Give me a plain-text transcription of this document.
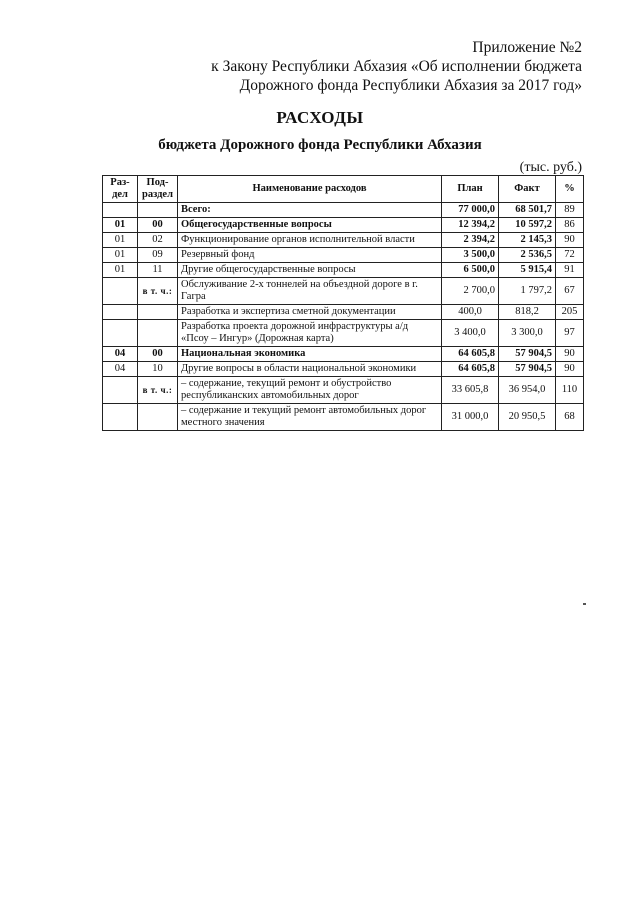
Приложение №2
к Закону Республики Абхазия «Об исполнении бюджета
Дорожного фонда Республики Абхазия за 2017 год»
РАСХОДЫ
бюджета Дорожного фонда Республики Абхазия
(тыс. руб.)
Раз- дел	Под- раздел	Наименование расходов	План	Факт	%
		Всего:	77 000,0	68 501,7	89
01	00	Общегосударственные вопросы	12 394,2	10 597,2	86
01	02	Функционирование органов исполнительной власти	2 394,2	2 145,3	90
01	09	Резервный фонд	3 500,0	2 536,5	72
01	11	Другие общегосударственные вопросы	6 500,0	5 915,4	91
	в т. ч.:	Обслуживание 2-х тоннелей на объездной дороге в г. Гагра	2 700,0	1 797,2	67
		Разработка и экспертиза сметной документации	400,0	818,2	205
		Разработка проекта дорожной инфраструктуры а/д «Псоу – Ингур» (Дорожная карта)	3 400,0	3 300,0	97
04	00	Национальная экономика	64 605,8	57 904,5	90
04	10	Другие вопросы в области национальной экономики	64 605,8	57 904,5	90
	в т. ч.:	– содержание, текущий ремонт и обустройство республиканских автомобильных дорог	33 605,8	36 954,0	110
		– содержание и текущий ремонт автомобильных дорог местного значения	31 000,0	20 950,5	68
